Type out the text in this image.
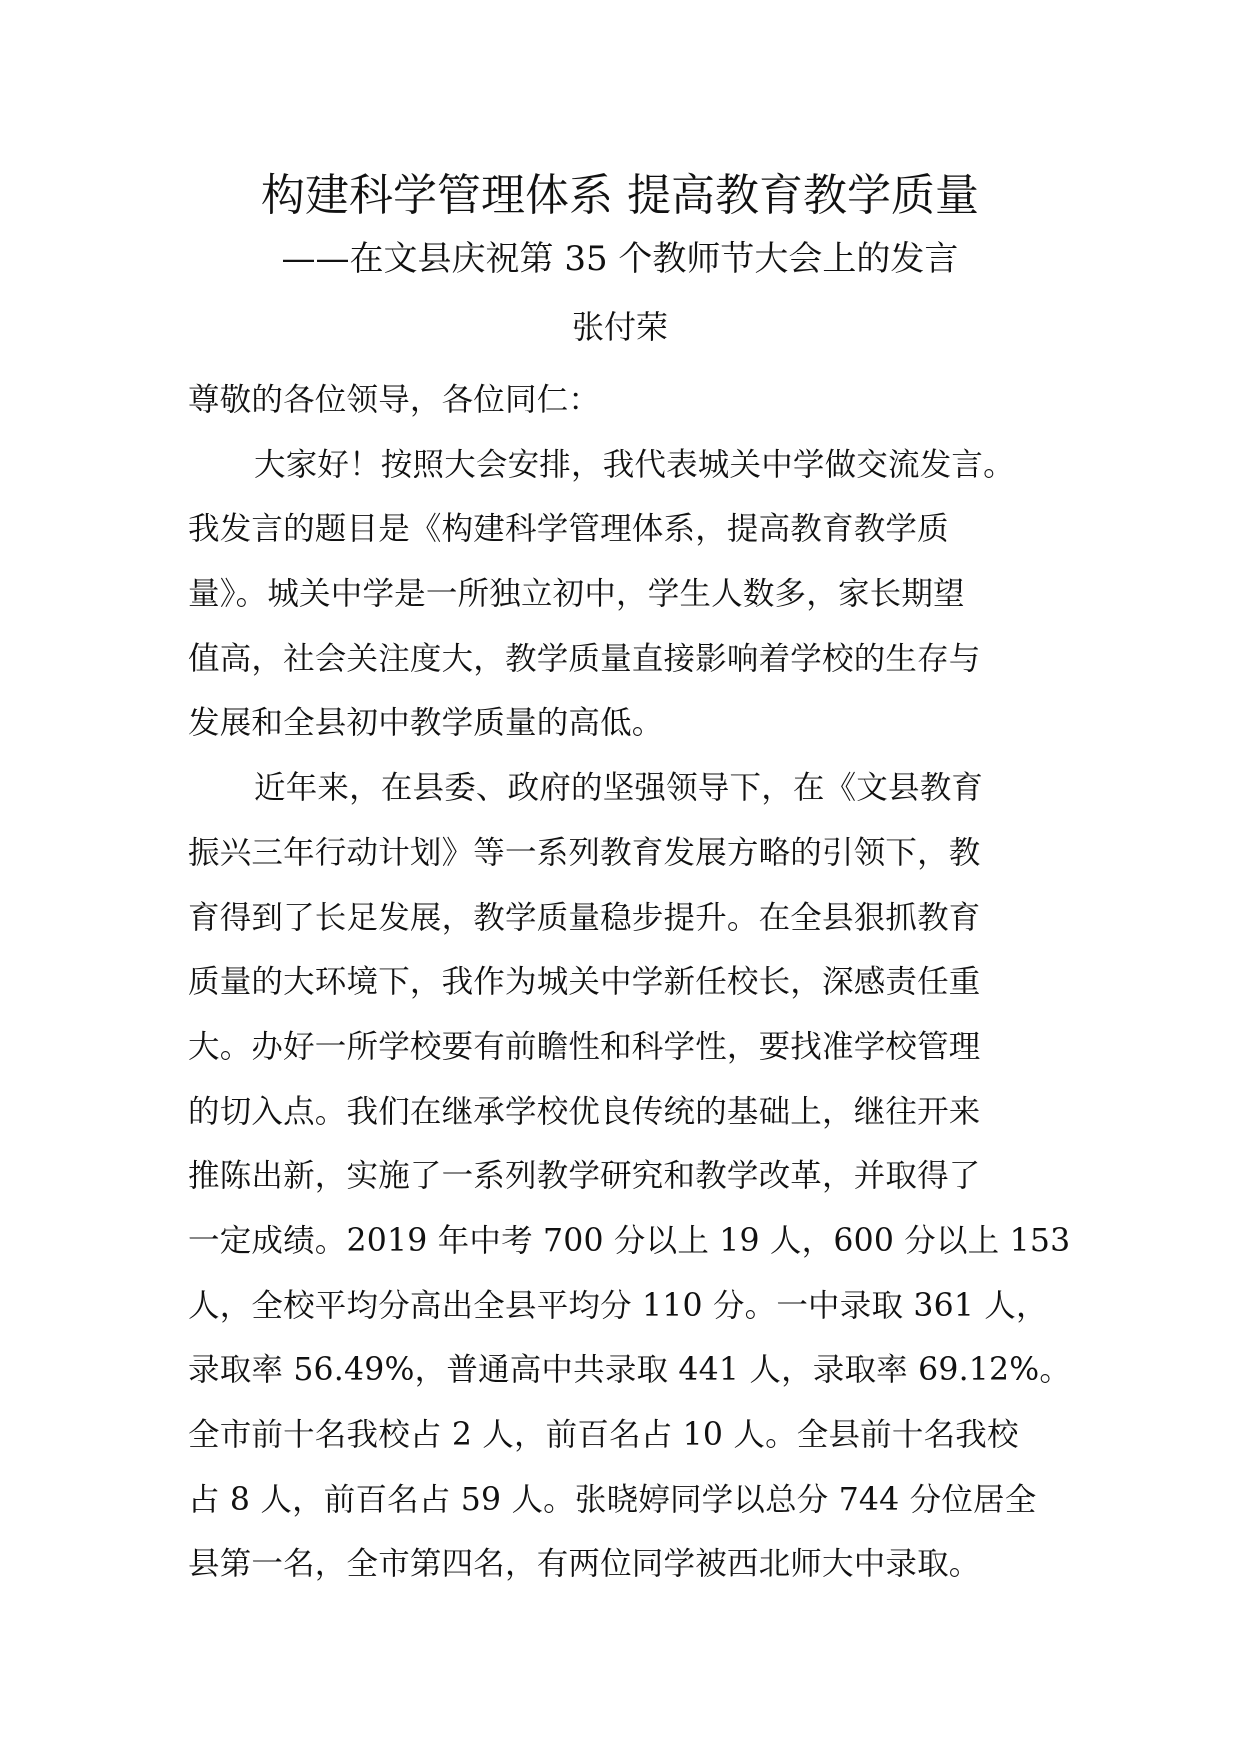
构建科学管理体系 提高教育教学质量
——在文县庆祝第 35 个教师节大会上的发言
张付荣
尊敬的各位领导，各位同仁：
大家好！按照大会安排，我代表城关中学做交流发言。
我发言的题目是《构建科学管理体系，提高教育教学质
量》。城关中学是一所独立初中，学生人数多，家长期望
值高，社会关注度大，教学质量直接影响着学校的生存与
发展和全县初中教学质量的高低。
近年来，在县委、政府的坚强领导下，在《文县教育
振兴三年行动计划》等一系列教育发展方略的引领下，教
育得到了长足发展，教学质量稳步提升。在全县狠抓教育
质量的大环境下，我作为城关中学新任校长，深感责任重
大。办好一所学校要有前瞻性和科学性，要找准学校管理
的切入点。我们在继承学校优良传统的基础上，继往开来
推陈出新，实施了一系列教学研究和教学改革，并取得了
一定成绩。2019 年中考 700 分以上 19 人，600 分以上 153
人，全校平均分高出全县平均分 110 分。一中录取 361 人，
录取率 56.49%，普通高中共录取 441 人，录取率 69.12%。
全市前十名我校占 2 人，前百名占 10 人。全县前十名我校
占 8 人，前百名占 59 人。张晓婷同学以总分 744 分位居全
县第一名，全市第四名，有两位同学被西北师大中录取。
